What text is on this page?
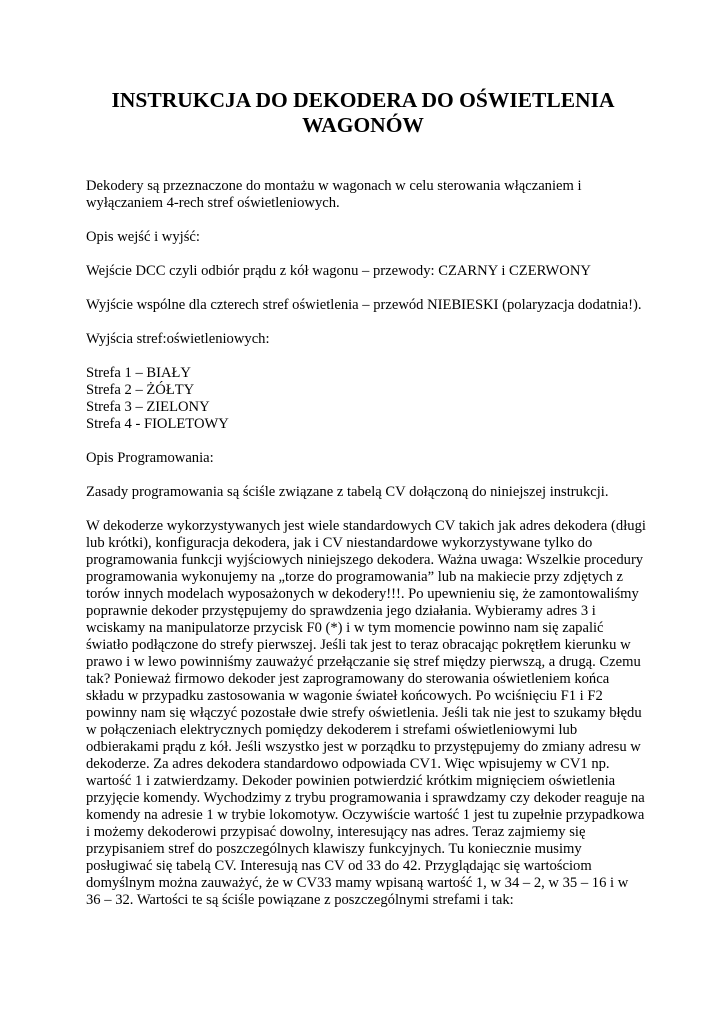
INSTRUKCJA DO DEKODERA DO OŚWIETLENIA
WAGONÓW

Dekodery są przeznaczone do montażu w wagonach w celu sterowania włączaniem i wyłączaniem 4-rech stref oświetleniowych.

Opis wejść i wyjść:

Wejście DCC czyli odbiór prądu z kół wagonu – przewody: CZARNY i CZERWONY

Wyjście wspólne dla czterech stref oświetlenia – przewód NIEBIESKI (polaryzacja dodatnia!).

Wyjścia stref:oświetleniowych:

Strefa 1 – BIAŁY
Strefa 2 – ŻÓŁTY
Strefa 3 – ZIELONY
Strefa 4 - FIOLETOWY

Opis Programowania:

Zasady programowania są ściśle związane z tabelą CV dołączoną do niniejszej instrukcji.

W dekoderze wykorzystywanych jest wiele standardowych CV takich jak adres dekodera (długi lub krótki), konfiguracja dekodera, jak i CV niestandardowe wykorzystywane tylko do programowania funkcji wyjściowych niniejszego dekodera. Ważna uwaga: Wszelkie procedury programowania wykonujemy na „torze do programowania” lub na makiecie przy zdjętych z torów innych modelach wyposażonych w dekodery!!!. Po upewnieniu się, że zamontowaliśmy poprawnie dekoder przystępujemy do sprawdzenia jego działania. Wybieramy adres 3 i wciskamy na manipulatorze przycisk F0 (*) i w tym momencie powinno nam się zapalić światło podłączone do strefy pierwszej. Jeśli tak jest to teraz obracając pokrętłem kierunku w prawo i w lewo powinniśmy zauważyć przełączanie się stref między pierwszą, a drugą. Czemu tak? Ponieważ firmowo dekoder jest zaprogramowany do sterowania oświetleniem końca składu w przypadku zastosowania w wagonie świateł końcowych. Po wciśnięciu F1 i F2 powinny nam się włączyć pozostałe dwie strefy oświetlenia. Jeśli tak nie jest to szukamy błędu w połączeniach elektrycznych pomiędzy dekoderem i strefami oświetleniowymi lub odbierakami prądu z kół. Jeśli wszystko jest w porządku to przystępujemy do zmiany adresu w dekoderze. Za adres dekodera standardowo odpowiada CV1. Więc wpisujemy w CV1 np. wartość 1 i zatwierdzamy. Dekoder powinien potwierdzić krótkim mignięciem oświetlenia przyjęcie komendy. Wychodzimy z trybu programowania i sprawdzamy czy dekoder reaguje na komendy na adresie 1 w trybie lokomotyw. Oczywiście wartość 1 jest tu zupełnie przypadkowa i możemy dekoderowi przypisać dowolny, interesujący nas adres. Teraz zajmiemy się przypisaniem stref do poszczególnych klawiszy funkcyjnych. Tu koniecznie musimy posługiwać się tabelą CV. Interesują nas CV od 33 do 42. Przyglądając się wartościom domyślnym można zauważyć, że w CV33 mamy wpisaną wartość 1, w 34 – 2, w 35 – 16 i w 36 – 32. Wartości te są ściśle powiązane z poszczególnymi strefami i tak:
